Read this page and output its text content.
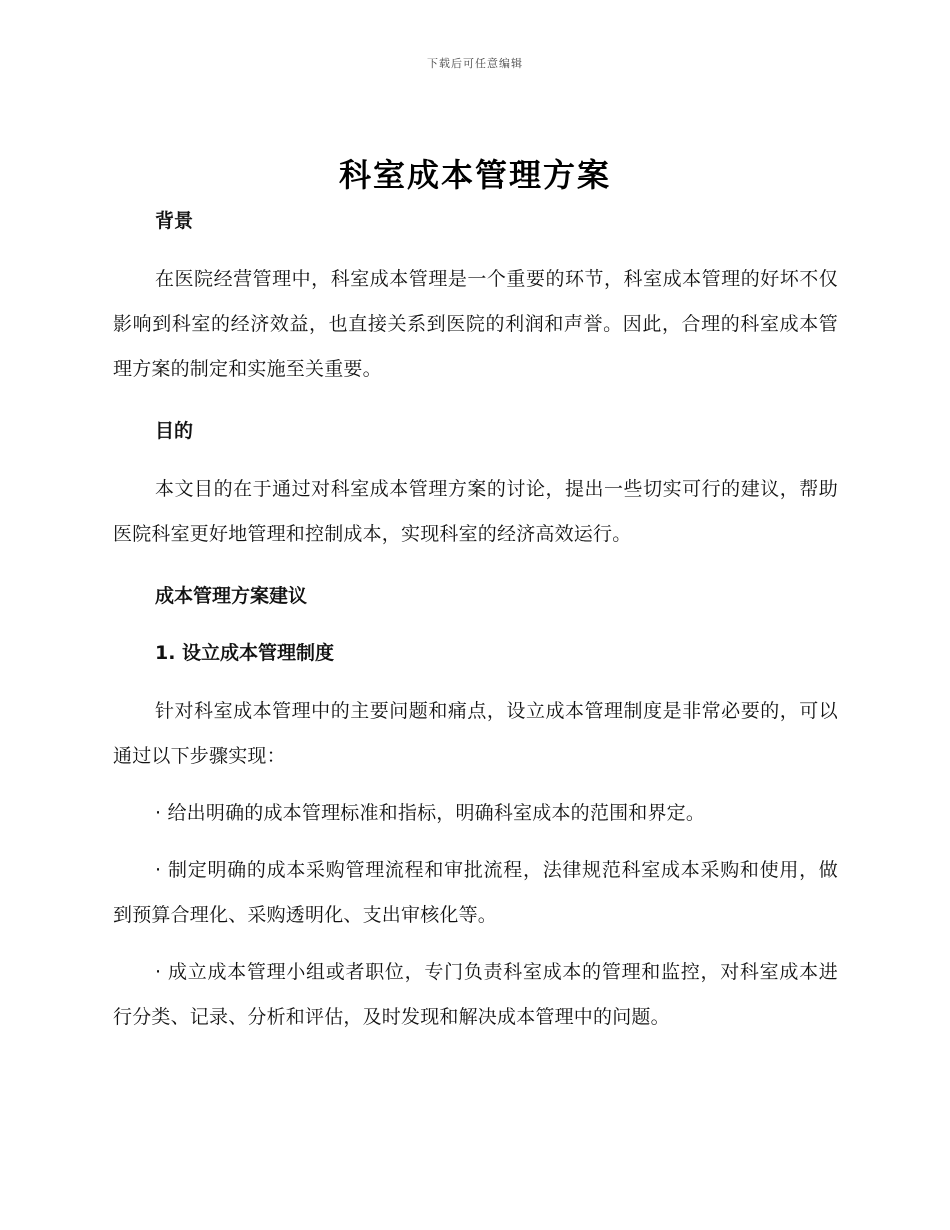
下载后可任意编辑
科室成本管理方案
背景

在医院经营管理中，科室成本管理是一个重要的环节，科室成本管理的好坏不仅影响到科室的经济效益，也直接关系到医院的利润和声誉。因此，合理的科室成本管理方案的制定和实施至关重要。

目的

本文目的在于通过对科室成本管理方案的讨论，提出一些切实可行的建议，帮助医院科室更好地管理和控制成本，实现科室的经济高效运行。

成本管理方案建议
1. 设立成本管理制度

针对科室成本管理中的主要问题和痛点，设立成本管理制度是非常必要的，可以通过以下步骤实现：

· 给出明确的成本管理标准和指标，明确科室成本的范围和界定。

· 制定明确的成本采购管理流程和审批流程，法律规范科室成本采购和使用，做到预算合理化、采购透明化、支出审核化等。

· 成立成本管理小组或者职位，专门负责科室成本的管理和监控，对科室成本进行分类、记录、分析和评估，及时发现和解决成本管理中的问题。
